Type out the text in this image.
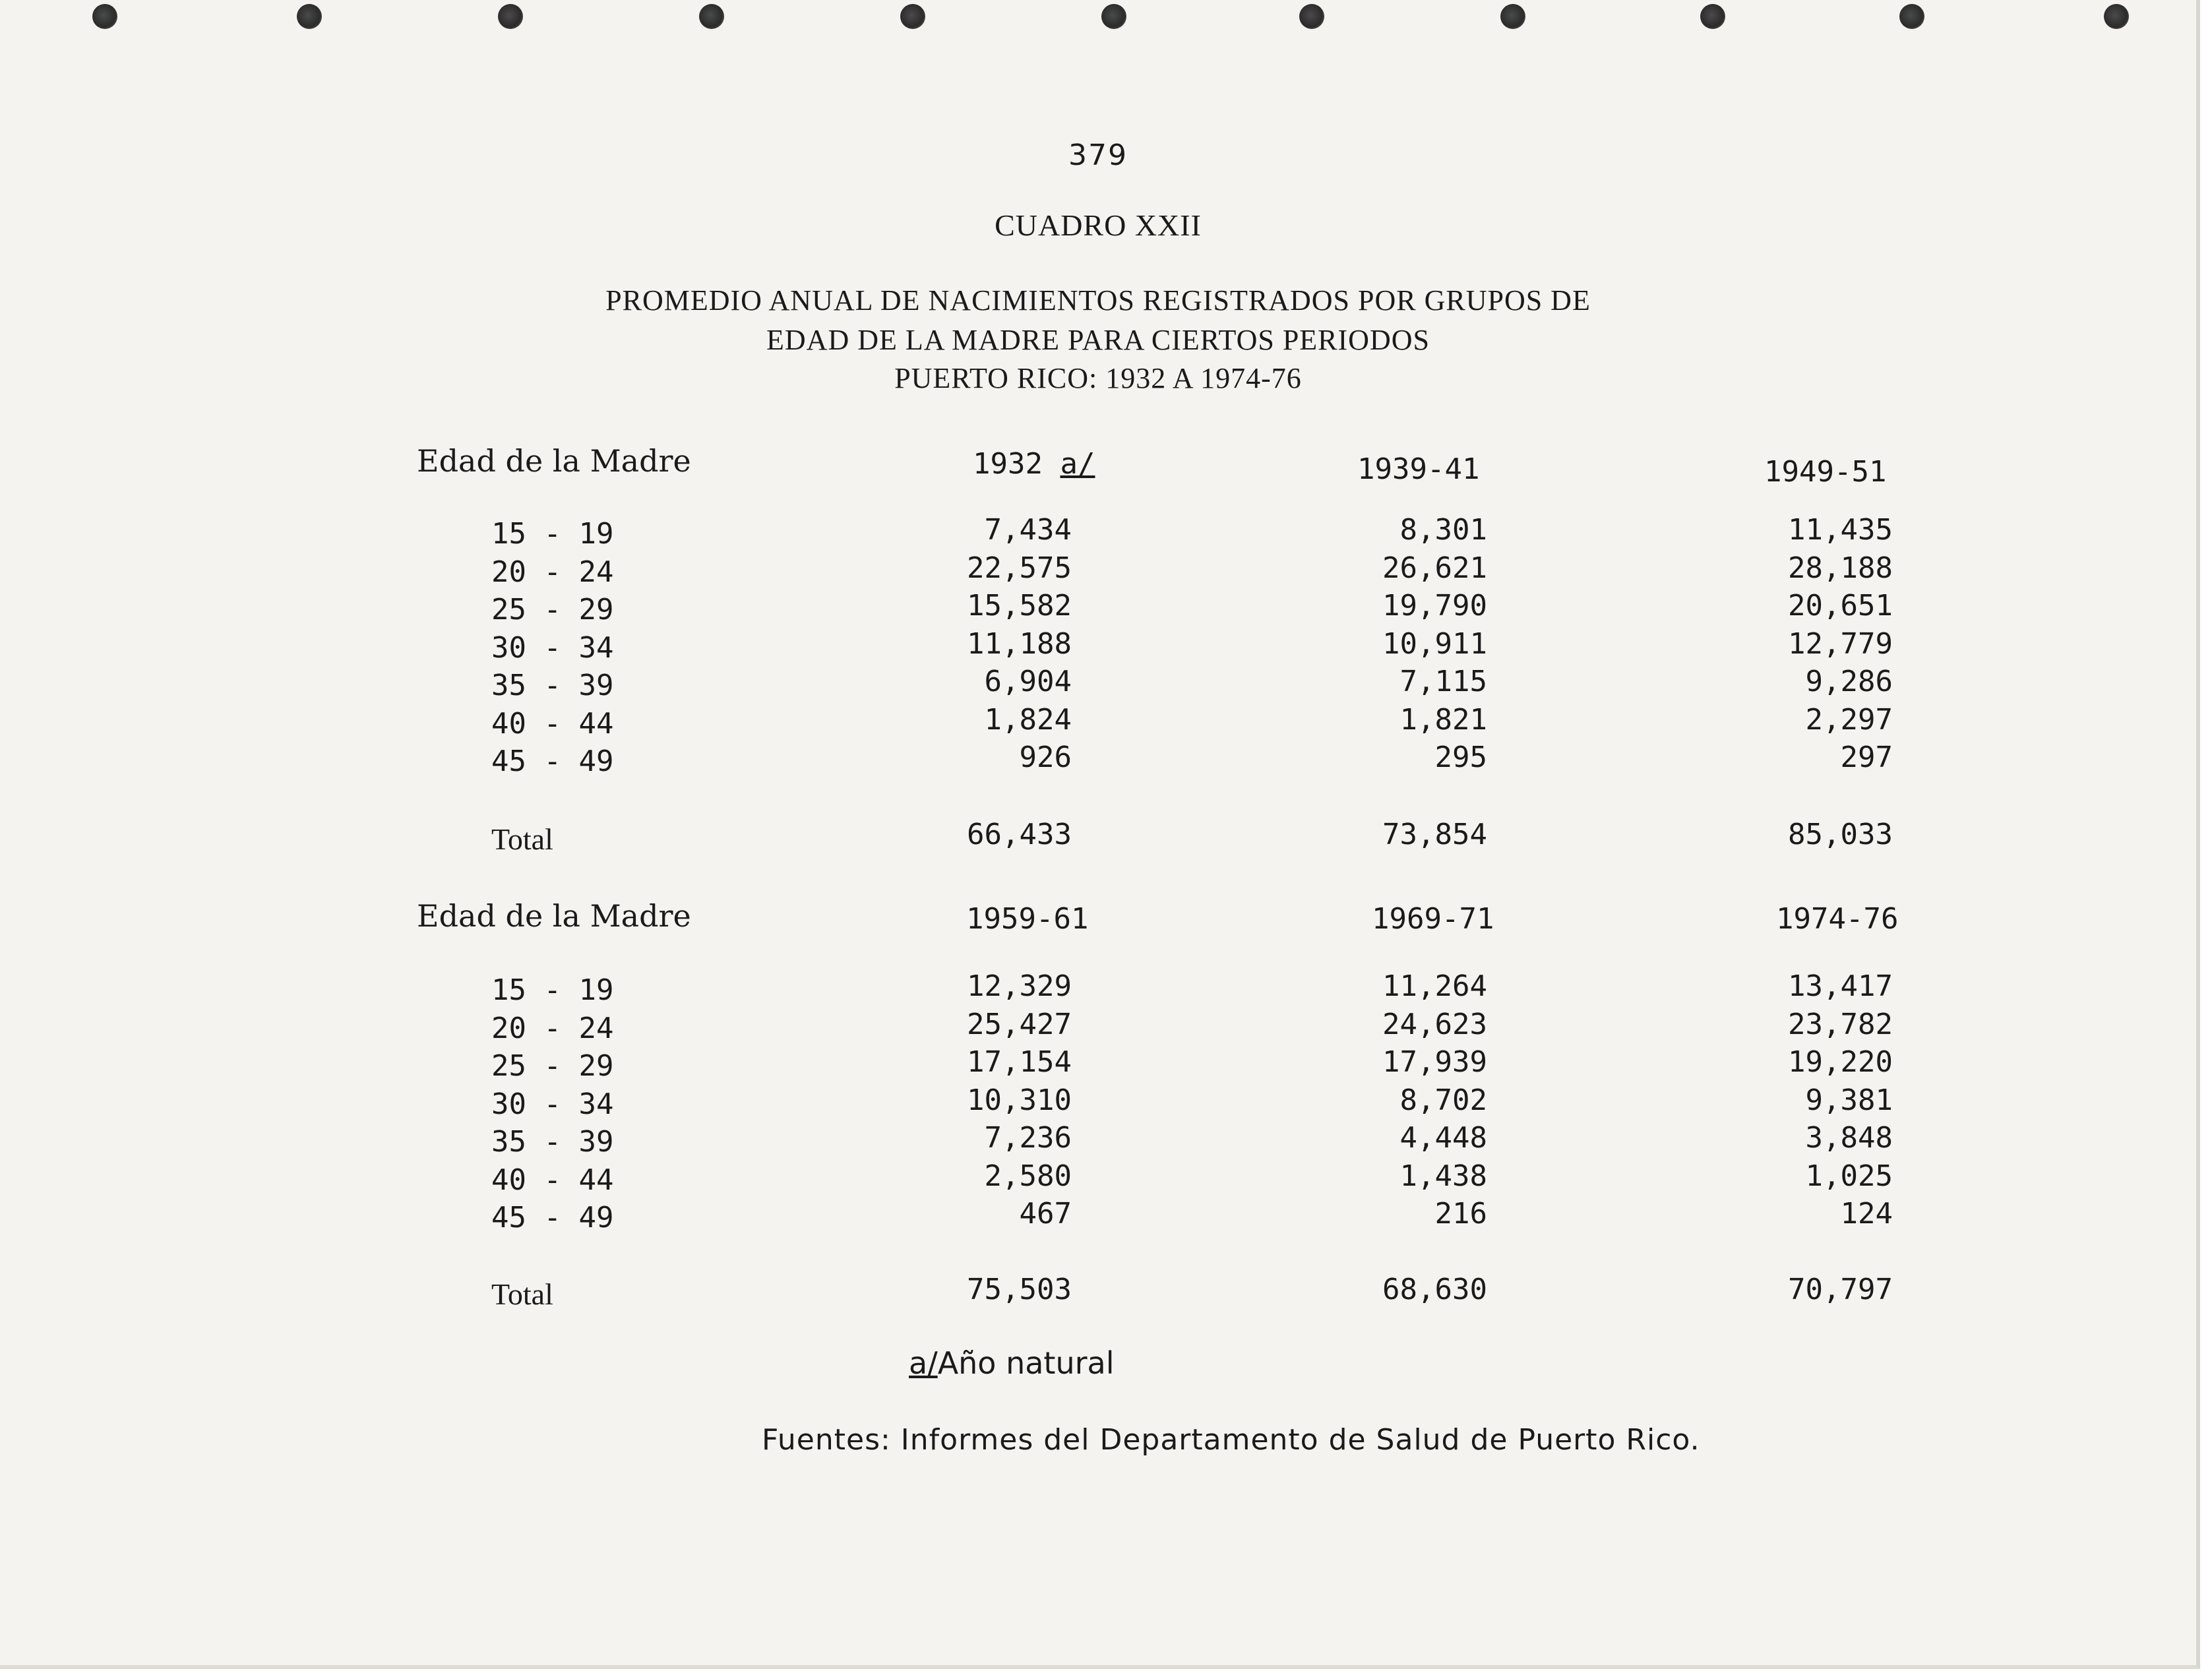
379
CUADRO XXII
PROMEDIO ANUAL DE NACIMIENTOS REGISTRADOS POR GRUPOS DE
EDAD DE LA MADRE PARA CIERTOS PERIODOS
PUERTO RICO: 1932 A 1974-76
Edad de la Madre	1932 a/	1939-41	1949-51
15 - 19	7,434	8,301	11,435
20 - 24	22,575	26,621	28,188
25 - 29	15,582	19,790	20,651
30 - 34	11,188	10,911	12,779
35 - 39	6,904	7,115	9,286
40 - 44	1,824	1,821	2,297
45 - 49	926	295	297
Total	66,433	73,854	85,033
Edad de la Madre	1959-61	1969-71	1974-76
15 - 19	12,329	11,264	13,417
20 - 24	25,427	24,623	23,782
25 - 29	17,154	17,939	19,220
30 - 34	10,310	8,702	9,381
35 - 39	7,236	4,448	3,848
40 - 44	2,580	1,438	1,025
45 - 49	467	216	124
Total	75,503	68,630	70,797
a/Año natural
Fuentes: Informes del Departamento de Salud de Puerto Rico.
